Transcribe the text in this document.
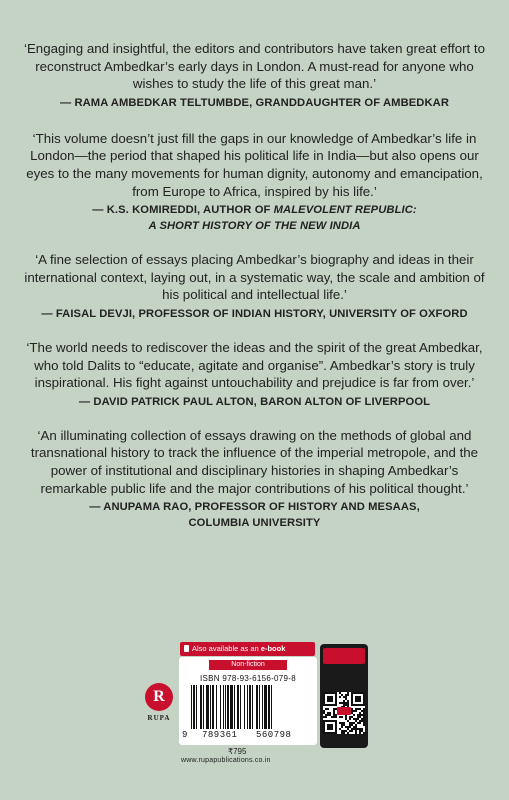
‘Engaging and insightful, the editors and contributors have taken great effort to reconstruct Ambedkar’s early days in London. A must-read for anyone who wishes to study the life of this great man.’

— RAMA AMBEDKAR TELTUMBDE, GRANDDAUGHTER OF AMBEDKAR

‘This volume doesn’t just fill the gaps in our knowledge of Ambedkar’s life in London—the period that shaped his political life in India—but also opens our eyes to the many movements for human dignity, autonomy and emancipation, from Europe to Africa, inspired by his life.’

— K.S. KOMIREDDI, AUTHOR OF MALEVOLENT REPUBLIC:
A SHORT HISTORY OF THE NEW INDIA

‘A fine selection of essays placing Ambedkar’s biography and ideas in their international context, laying out, in a systematic way, the scale and ambition of his political and intellectual life.’

— FAISAL DEVJI, PROFESSOR OF INDIAN HISTORY, UNIVERSITY OF OXFORD

‘The world needs to rediscover the ideas and the spirit of the great Ambedkar, who told Dalits to “educate, agitate and organise”. Ambedkar’s story is truly inspirational. His fight against untouchability and prejudice is far from over.’

— DAVID PATRICK PAUL ALTON, BARON ALTON OF LIVERPOOL

‘An illuminating collection of essays drawing on the methods of global and transnational history to track the influence of the imperial metropole, and the power of institutional and disciplinary histories in shaping Ambedkar’s remarkable public life and the major contributions of his political thought.’

— ANUPAMA RAO, PROFESSOR OF HISTORY AND MESAAS,
COLUMBIA UNIVERSITY
R
RUPA
Also available as an e-book
Non-fiction
ISBN 978-93-6156-079-8
9 789361 560798
₹795
www.rupapublications.co.in
